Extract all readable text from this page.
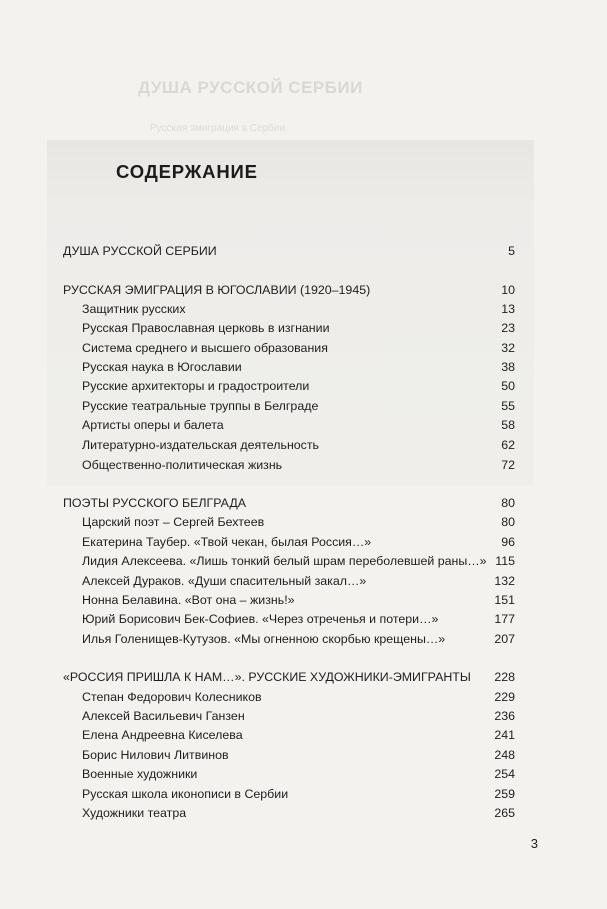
ДУША РУССКОЙ СЕРБИИ
Русская эмиграция в Сербии
СОДЕРЖАНИЕ
ДУША РУССКОЙ СЕРБИИ	5
РУССКАЯ ЭМИГРАЦИЯ В ЮГОСЛАВИИ (1920–1945)	10
Защитник русских	13
Русская Православная церковь в изгнании	23
Система среднего и высшего образования	32
Русская наука в Югославии	38
Русские архитекторы и градостроители	50
Русские театральные труппы в Белграде	55
Артисты оперы и балета	58
Литературно-издательская деятельность	62
Общественно-политическая жизнь	72
ПОЭТЫ РУССКОГО БЕЛГРАДА	80
Царский поэт – Сергей Бехтеев	80
Екатерина Таубер. «Твой чекан, былая Россия…»	96
Лидия Алексеева. «Лишь тонкий белый шрам переболевшей раны…» 115
Алексей Дураков. «Души спасительный закал…»	132
Нонна Белавина. «Вот она – жизнь!»	151
Юрий Борисович Бек-Софиев. «Через отреченья и потери…»	177
Илья Голенищев-Кутузов. «Мы огненною скорбью крещены…»	207
«РОССИЯ ПРИШЛА К НАМ…». РУССКИЕ ХУДОЖНИКИ-ЭМИГРАНТЫ 228
Степан Федорович Колесников	229
Алексей Васильевич Ганзен	236
Елена Андреевна Киселева	241
Борис Нилович Литвинов	248
Военные художники	254
Русская школа иконописи в Сербии	259
Художники театра	265
3
